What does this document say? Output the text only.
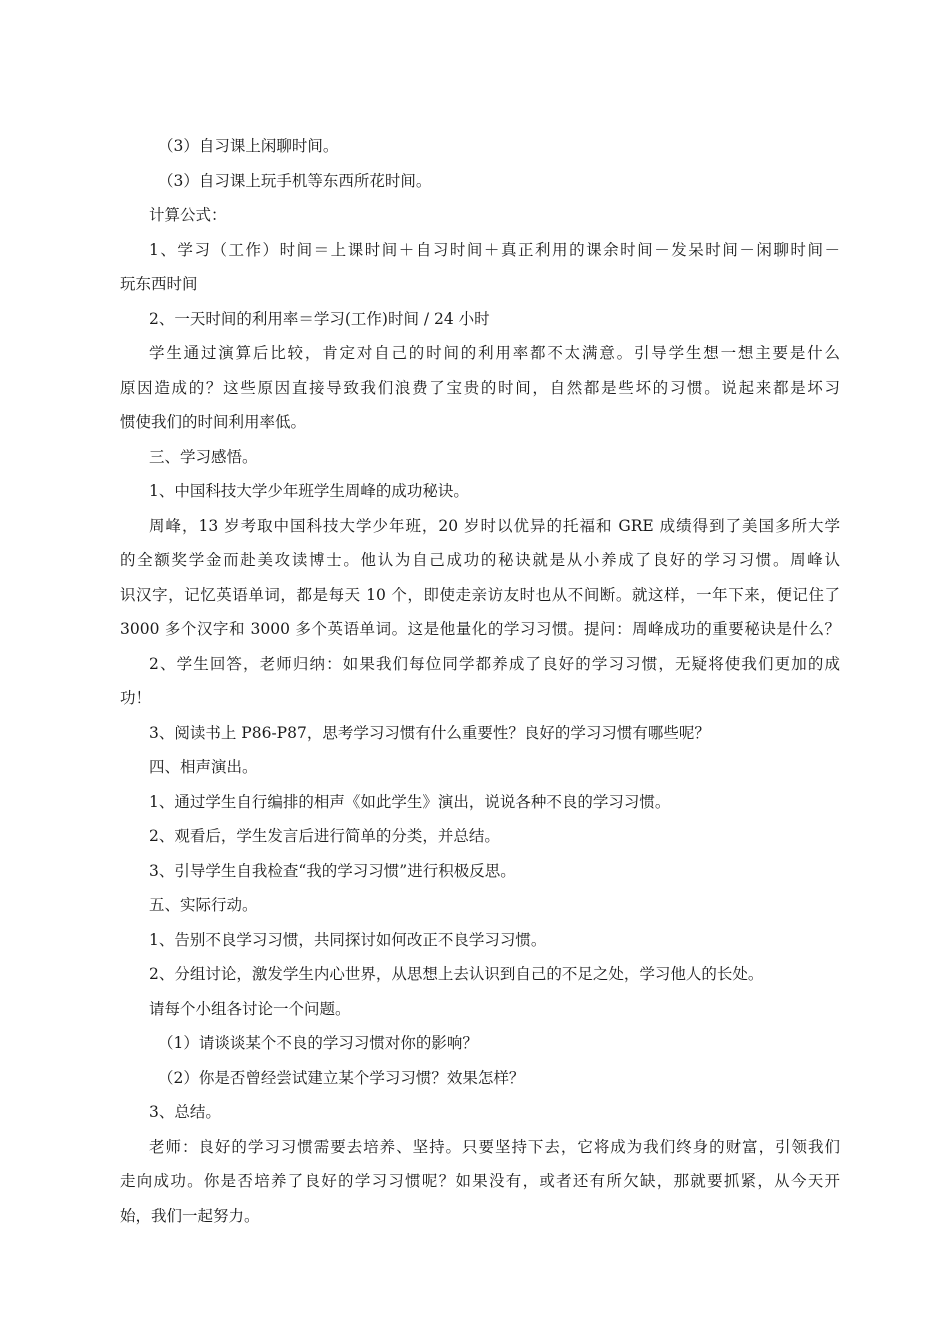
（3）自习课上闲聊时间。
（3）自习课上玩手机等东西所花时间。
计算公式：
1、学习（工作）时间＝上课时间＋自习时间＋真正利用的课余时间－发呆时间－闲聊时间－
玩东西时间
2、一天时间的利用率＝学习(工作)时间 / 24 小时
学生通过演算后比较，肯定对自己的时间的利用率都不太满意。引导学生想一想主要是什么
原因造成的？这些原因直接导致我们浪费了宝贵的时间，自然都是些坏的习惯。说起来都是坏习
惯使我们的时间利用率低。
三、学习感悟。
1、中国科技大学少年班学生周峰的成功秘诀。
周峰，13 岁考取中国科技大学少年班，20 岁时以优异的托福和 GRE 成绩得到了美国多所大学
的全额奖学金而赴美攻读博士。他认为自己成功的秘诀就是从小养成了良好的学习习惯。周峰认
识汉字，记忆英语单词，都是每天 10 个，即使走亲访友时也从不间断。就这样，一年下来，便记住了
3000 多个汉字和 3000 多个英语单词。这是他量化的学习习惯。提问：周峰成功的重要秘诀是什么？
2、学生回答，老师归纳：如果我们每位同学都养成了良好的学习习惯，无疑将使我们更加的成
功！
3、阅读书上 P86-P87，思考学习习惯有什么重要性？良好的学习习惯有哪些呢？
四、相声演出。
1、通过学生自行编排的相声《如此学生》演出，说说各种不良的学习习惯。
2、观看后，学生发言后进行简单的分类，并总结。
3、引导学生自我检查“我的学习习惯”进行积极反思。
五、实际行动。
1、告别不良学习习惯，共同探讨如何改正不良学习习惯。
2、分组讨论，激发学生内心世界，从思想上去认识到自己的不足之处，学习他人的长处。
请每个小组各讨论一个问题。
（1）请谈谈某个不良的学习习惯对你的影响？
（2）你是否曾经尝试建立某个学习习惯？效果怎样？
3、总结。
老师：良好的学习习惯需要去培养、坚持。只要坚持下去，它将成为我们终身的财富，引领我们
走向成功。你是否培养了良好的学习习惯呢？如果没有，或者还有所欠缺，那就要抓紧，从今天开
始，我们一起努力。
